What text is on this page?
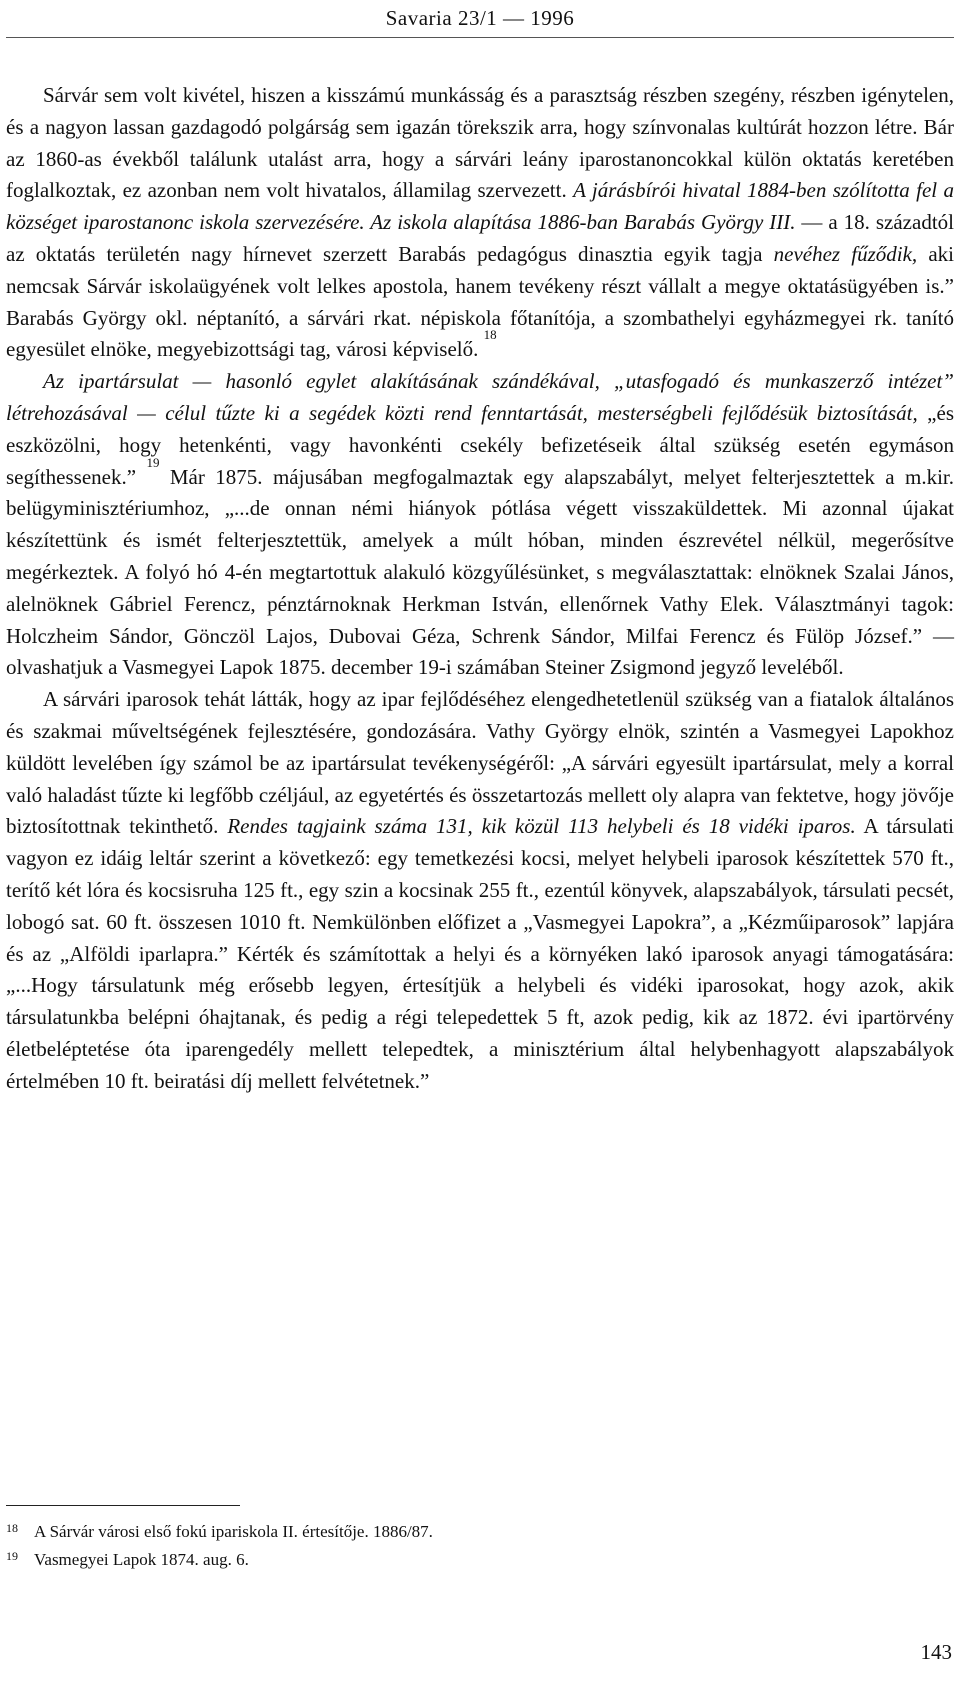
Savaria 23/1 — 1996

Sárvár sem volt kivétel, hiszen a kisszámú munkásság és a parasztság részben szegény, részben igénytelen, és a nagyon lassan gazdagodó polgárság sem igazán törekszik arra, hogy színvonalas kultúrát hozzon létre. Bár az 1860-as évekből találunk utalást arra, hogy a sárvári leány iparostanoncokkal külön oktatás keretében foglalkoztak, ez azonban nem volt hivatalos, államilag szervezett. A járásbírói hivatal 1884-ben szólította fel a községet iparostanonc iskola szervezésére. Az iskola alapítása 1886-ban Barabás György III. — a 18. századtól az oktatás területén nagy hírnevet szerzett Barabás pedagógus dinasztia egyik tagja nevéhez fűződik, aki nemcsak Sárvár iskolaügyének volt lelkes apostola, hanem tevékeny részt vállalt a megye oktatásügyében is.” Barabás György okl. néptanító, a sárvári rkat. népiskola főtanítója, a szombathelyi egyházmegyei rk. tanító egyesület elnöke, megyebizottsági tag, városi képviselő. $^{18}$

Az ipartársulat — hasonló egylet alakításának szándékával, „utasfogadó és munkaszerző intézet” létrehozásával — célul tűzte ki a segédek közti rend fenntartását, mesterségbeli fejlődésük biztosítását, „és eszközölni, hogy hetenkénti, vagy havonkénti csekély befizetéseik által szükség esetén egymáson segíthessenek.” $^{19}$ Már 1875. májusában megfogalmaztak egy alapszabályt, melyet felterjesztettek a m.kir. belügyminisztériumhoz, „...de onnan némi hiányok pótlása végett visszaküldettek. Mi azonnal újakat készítettünk és ismét felterjesztettük, amelyek a múlt hóban, minden észrevétel nélkül, megerősítve megérkeztek. A folyó hó 4-én megtartottuk alakuló közgyűlésünket, s megválasztattak: elnöknek Szalai János, alelnöknek Gábriel Ferencz, pénztárnoknak Herkman István, ellenőrnek Vathy Elek. Választmányi tagok: Holczheim Sándor, Gönczöl Lajos, Dubovai Géza, Schrenk Sándor, Milfai Ferencz és Fülöp József.” — olvashatjuk a Vasmegyei Lapok 1875. december 19-i számában Steiner Zsigmond jegyző leveléből.

A sárvári iparosok tehát látták, hogy az ipar fejlődéséhez elengedhetetlenül szükség van a fiatalok általános és szakmai műveltségének fejlesztésére, gondozására. Vathy György elnök, szintén a Vasmegyei Lapokhoz küldött levelében így számol be az ipartársulat tevékenységéről: „A sárvári egyesült ipartársulat, mely a korral való haladást tűzte ki legfőbb czéljául, az egyetértés és összetartozás mellett oly alapra van fektetve, hogy jövője biztosítottnak tekinthető. Rendes tagjaink száma 131, kik közül 113 helybeli és 18 vidéki iparos. A társulati vagyon ez idáig leltár szerint a következő: egy temetkezési kocsi, melyet helybeli iparosok készítettek 570 ft., terítő két lóra és kocsisruha 125 ft., egy szin a kocsinak 255 ft., ezentúl könyvek, alapszabályok, társulati pecsét, lobogó sat. 60 ft. összesen 1010 ft. Nemkülönben előfizet a „Vasmegyei Lapokra”, a „Kézműiparosok” lapjára és az „Alföldi iparlapra.” Kérték és számítottak a helyi és a környéken lakó iparosok anyagi támogatására: „...Hogy társulatunk még erősebb legyen, értesítjük a helybeli és vidéki iparosokat, hogy azok, akik társulatunkba belépni óhajtanak, és pedig a régi telepedettek 5 ft, azok pedig, kik az 1872. évi ipartörvény életbeléptetése óta iparengedély mellett telepedtek, a minisztérium által helybenhagyott alapszabályok értelmében 10 ft. beiratási díj mellett felvétetnek.”

18 A Sárvár városi első fokú ipariskola II. értesítője. 1886/87.
19 Vasmegyei Lapok 1874. aug. 6.
143
